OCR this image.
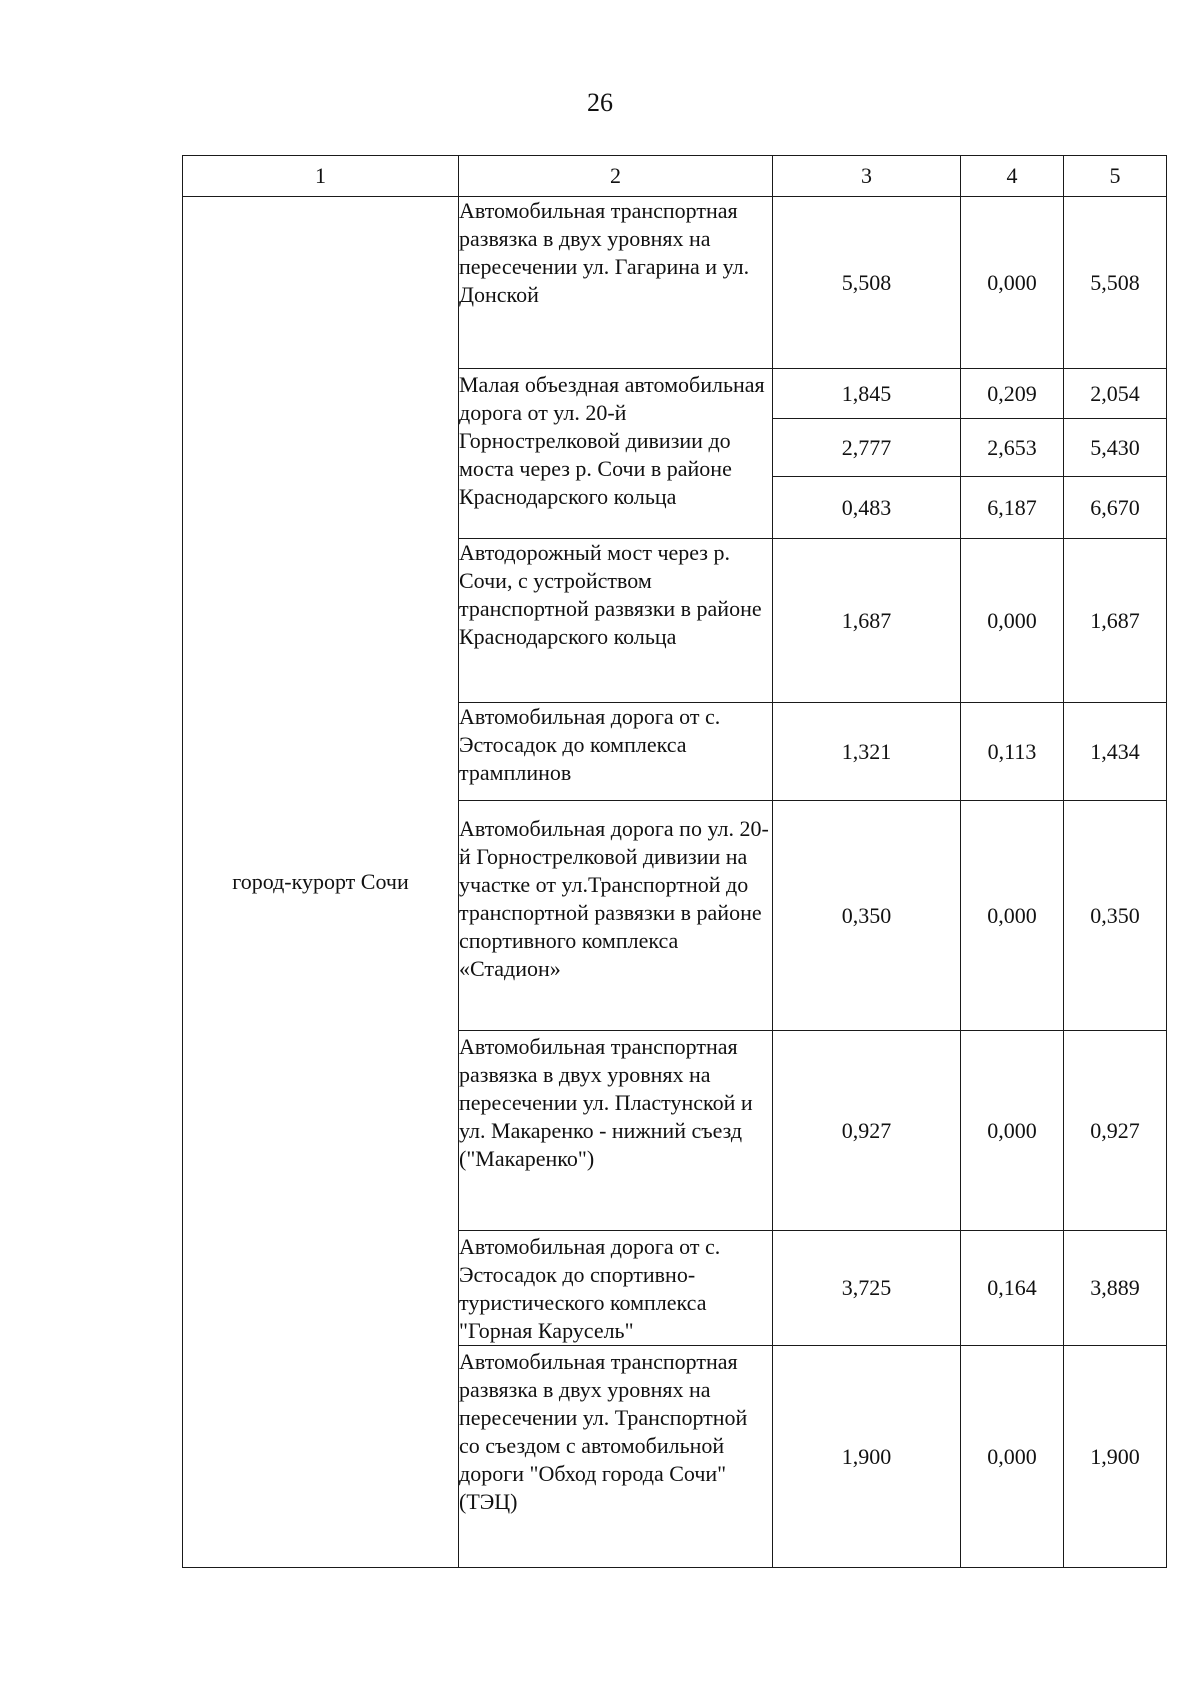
26
1	2	3	4	5
город-курорт Сочи	Автомобильная транспортная развязка в двух уровнях на пересечении ул. Гагарина и ул. Донской	5,508	0,000	5,508
	Малая объездная автомобильная дорога от ул. 20-й Горнострелковой дивизии до моста через р. Сочи в районе Краснодарского кольца	1,845	0,209	2,054
		2,777	2,653	5,430
		0,483	6,187	6,670
	Автодорожный мост через р. Сочи, с устройством транспортной развязки в районе Краснодарского кольца	1,687	0,000	1,687
	Автомобильная дорога от с. Эстосадок до комплекса трамплинов	1,321	0,113	1,434
	Автомобильная дорога по ул. 20-й Горнострелковой дивизии на участке от ул.Транспортной до транспортной развязки в районе спортивного комплекса «Стадион»	0,350	0,000	0,350
	Автомобильная транспортная развязка в двух уровнях на пересечении ул. Пластунской и ул. Макаренко - нижний съезд ("Макаренко")	0,927	0,000	0,927
	Автомобильная дорога от с. Эстосадок до спортивно-туристического комплекса "Горная Карусель"	3,725	0,164	3,889
	Автомобильная транспортная развязка в двух уровнях на пересечении ул. Транспортной со съездом с автомобильной дороги "Обход города Сочи" (ТЭЦ)	1,900	0,000	1,900
